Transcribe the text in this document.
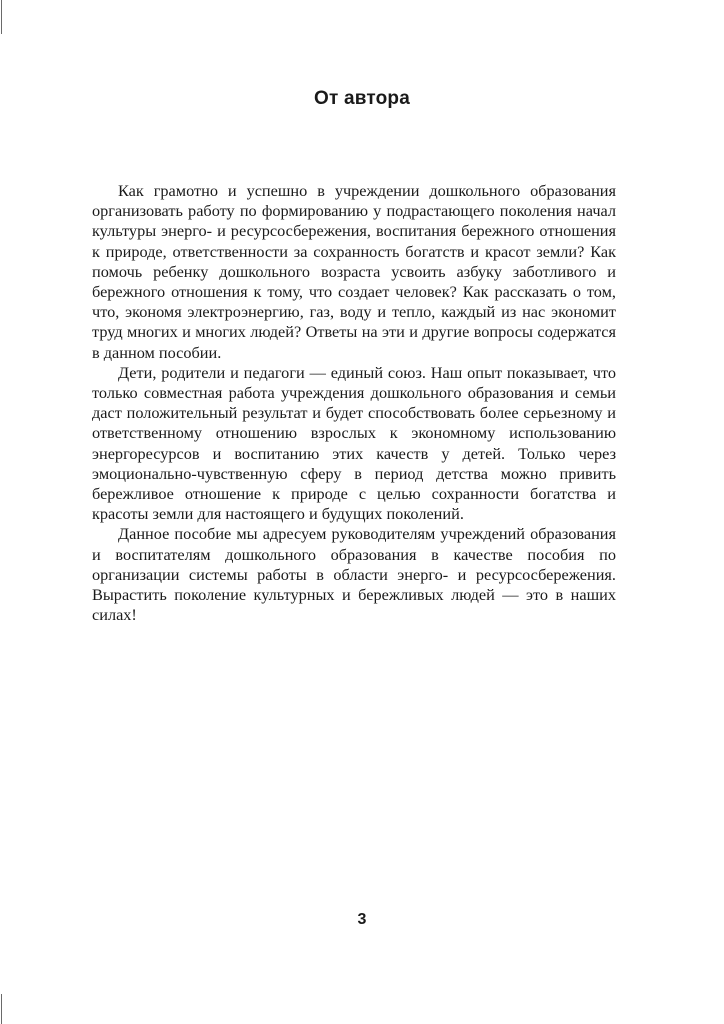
От автора

Как грамотно и успешно в учреждении дошкольного образования организовать работу по формированию у подрастающего поколения начал культуры энерго- и ресурсосбережения, воспитания бережного отношения к природе, ответственности за сохранность богатств и красот земли? Как помочь ребенку дошкольного возраста усвоить азбуку заботливого и бережного отношения к тому, что создает человек? Как рассказать о том, что, экономя электроэнергию, газ, воду и тепло, каждый из нас экономит труд многих и многих людей? Ответы на эти и другие вопросы содержатся в данном пособии.

Дети, родители и педагоги — единый союз. Наш опыт показывает, что только совместная работа учреждения дошкольного образования и семьи даст положительный результат и будет способствовать более серьезному и ответственному отношению взрослых к экономному использованию энергоресурсов и воспитанию этих качеств у детей. Только через эмоционально-чувственную сферу в период детства можно привить бережливое отношение к природе с целью сохранности богатства и красоты земли для настоящего и будущих поколений.

Данное пособие мы адресуем руководителям учреждений образования и воспитателям дошкольного образования в качестве пособия по организации системы работы в области энерго- и ресурсосбережения. Вырастить поколение культурных и бережливых людей — это в наших силах!

3
